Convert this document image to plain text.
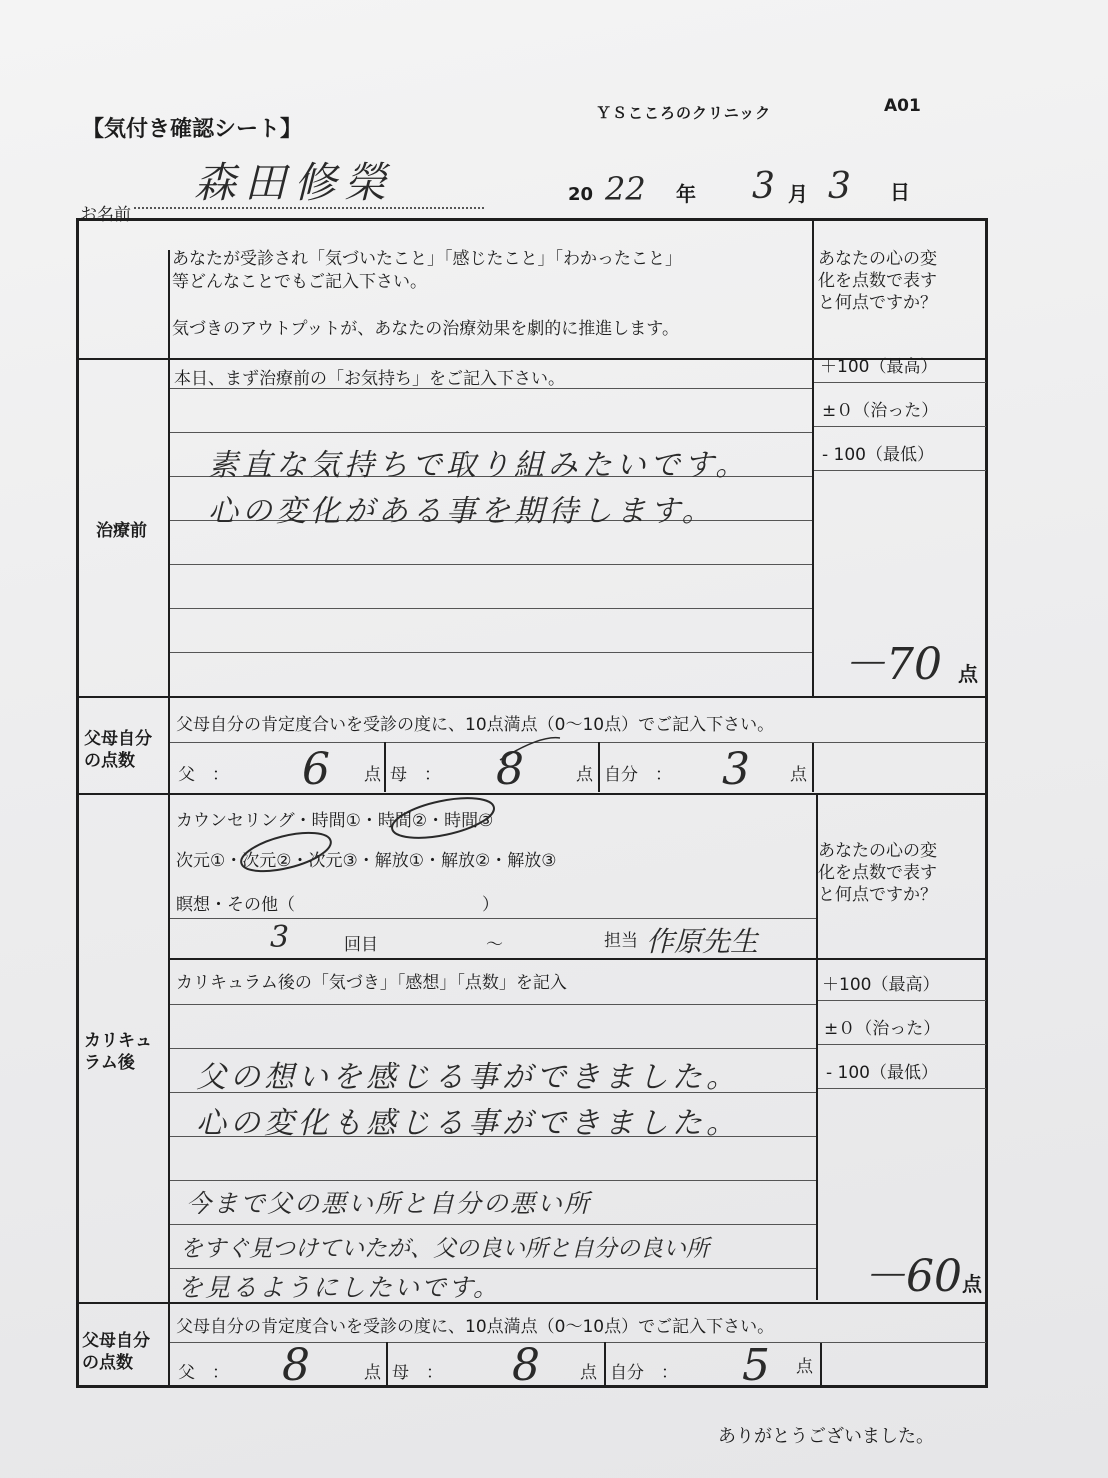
【気付き確認シート】
ＹＳこころのクリニック	A01
お名前
森田修榮	20 22 年 3 月 3 日
あなたが受診され「気づいたこと」「感じたこと」「わかったこと」
等どんなことでもご記入下さい。
気づきのアウトプットが、あなたの治療効果を劇的に推進します。
あなたの心の変
化を点数で表す
と何点ですか？
本日、まず治療前の「お気持ち」をご記入下さい。
治療前
素直な気持ちで取り組みたいです。
心の変化がある事を期待します。
＋100（最高）
±０（治った）
- 100（最低）
－70 点
父母自分
の点数
父母自分の肯定度合いを受診の度に、10点満点（0〜10点）でご記入下さい。
父　： 6 点 母　： 8	点 自分　： 3 点
カウンセリング・時間①・時間②・時間③
次元①・次元②・次元③・解放①・解放②・解放③
瞑想・その他（　　　　　　　　　　　）
3	回目	〜	担当 作原先生
あなたの心の変
化を点数で表す
と何点ですか？
カリキュ
ラム後
カリキュラム後の「気づき」「感想」「点数」を記入
父の想いを感じる事ができました。
心の変化も感じる事ができました。
今まで父の悪い所と自分の悪い所
をすぐ見つけていたが、父の良い所と自分の良い所
を見るようにしたいです。
＋100（最高）
±０（治った）
- 100（最低）
－60 点
父母自分
の点数
父母自分の肯定度合いを受診の度に、10点満点（0〜10点）でご記入下さい。
父　： 8	点 母　： 8 点 自分　： 5 点
ありがとうございました。
